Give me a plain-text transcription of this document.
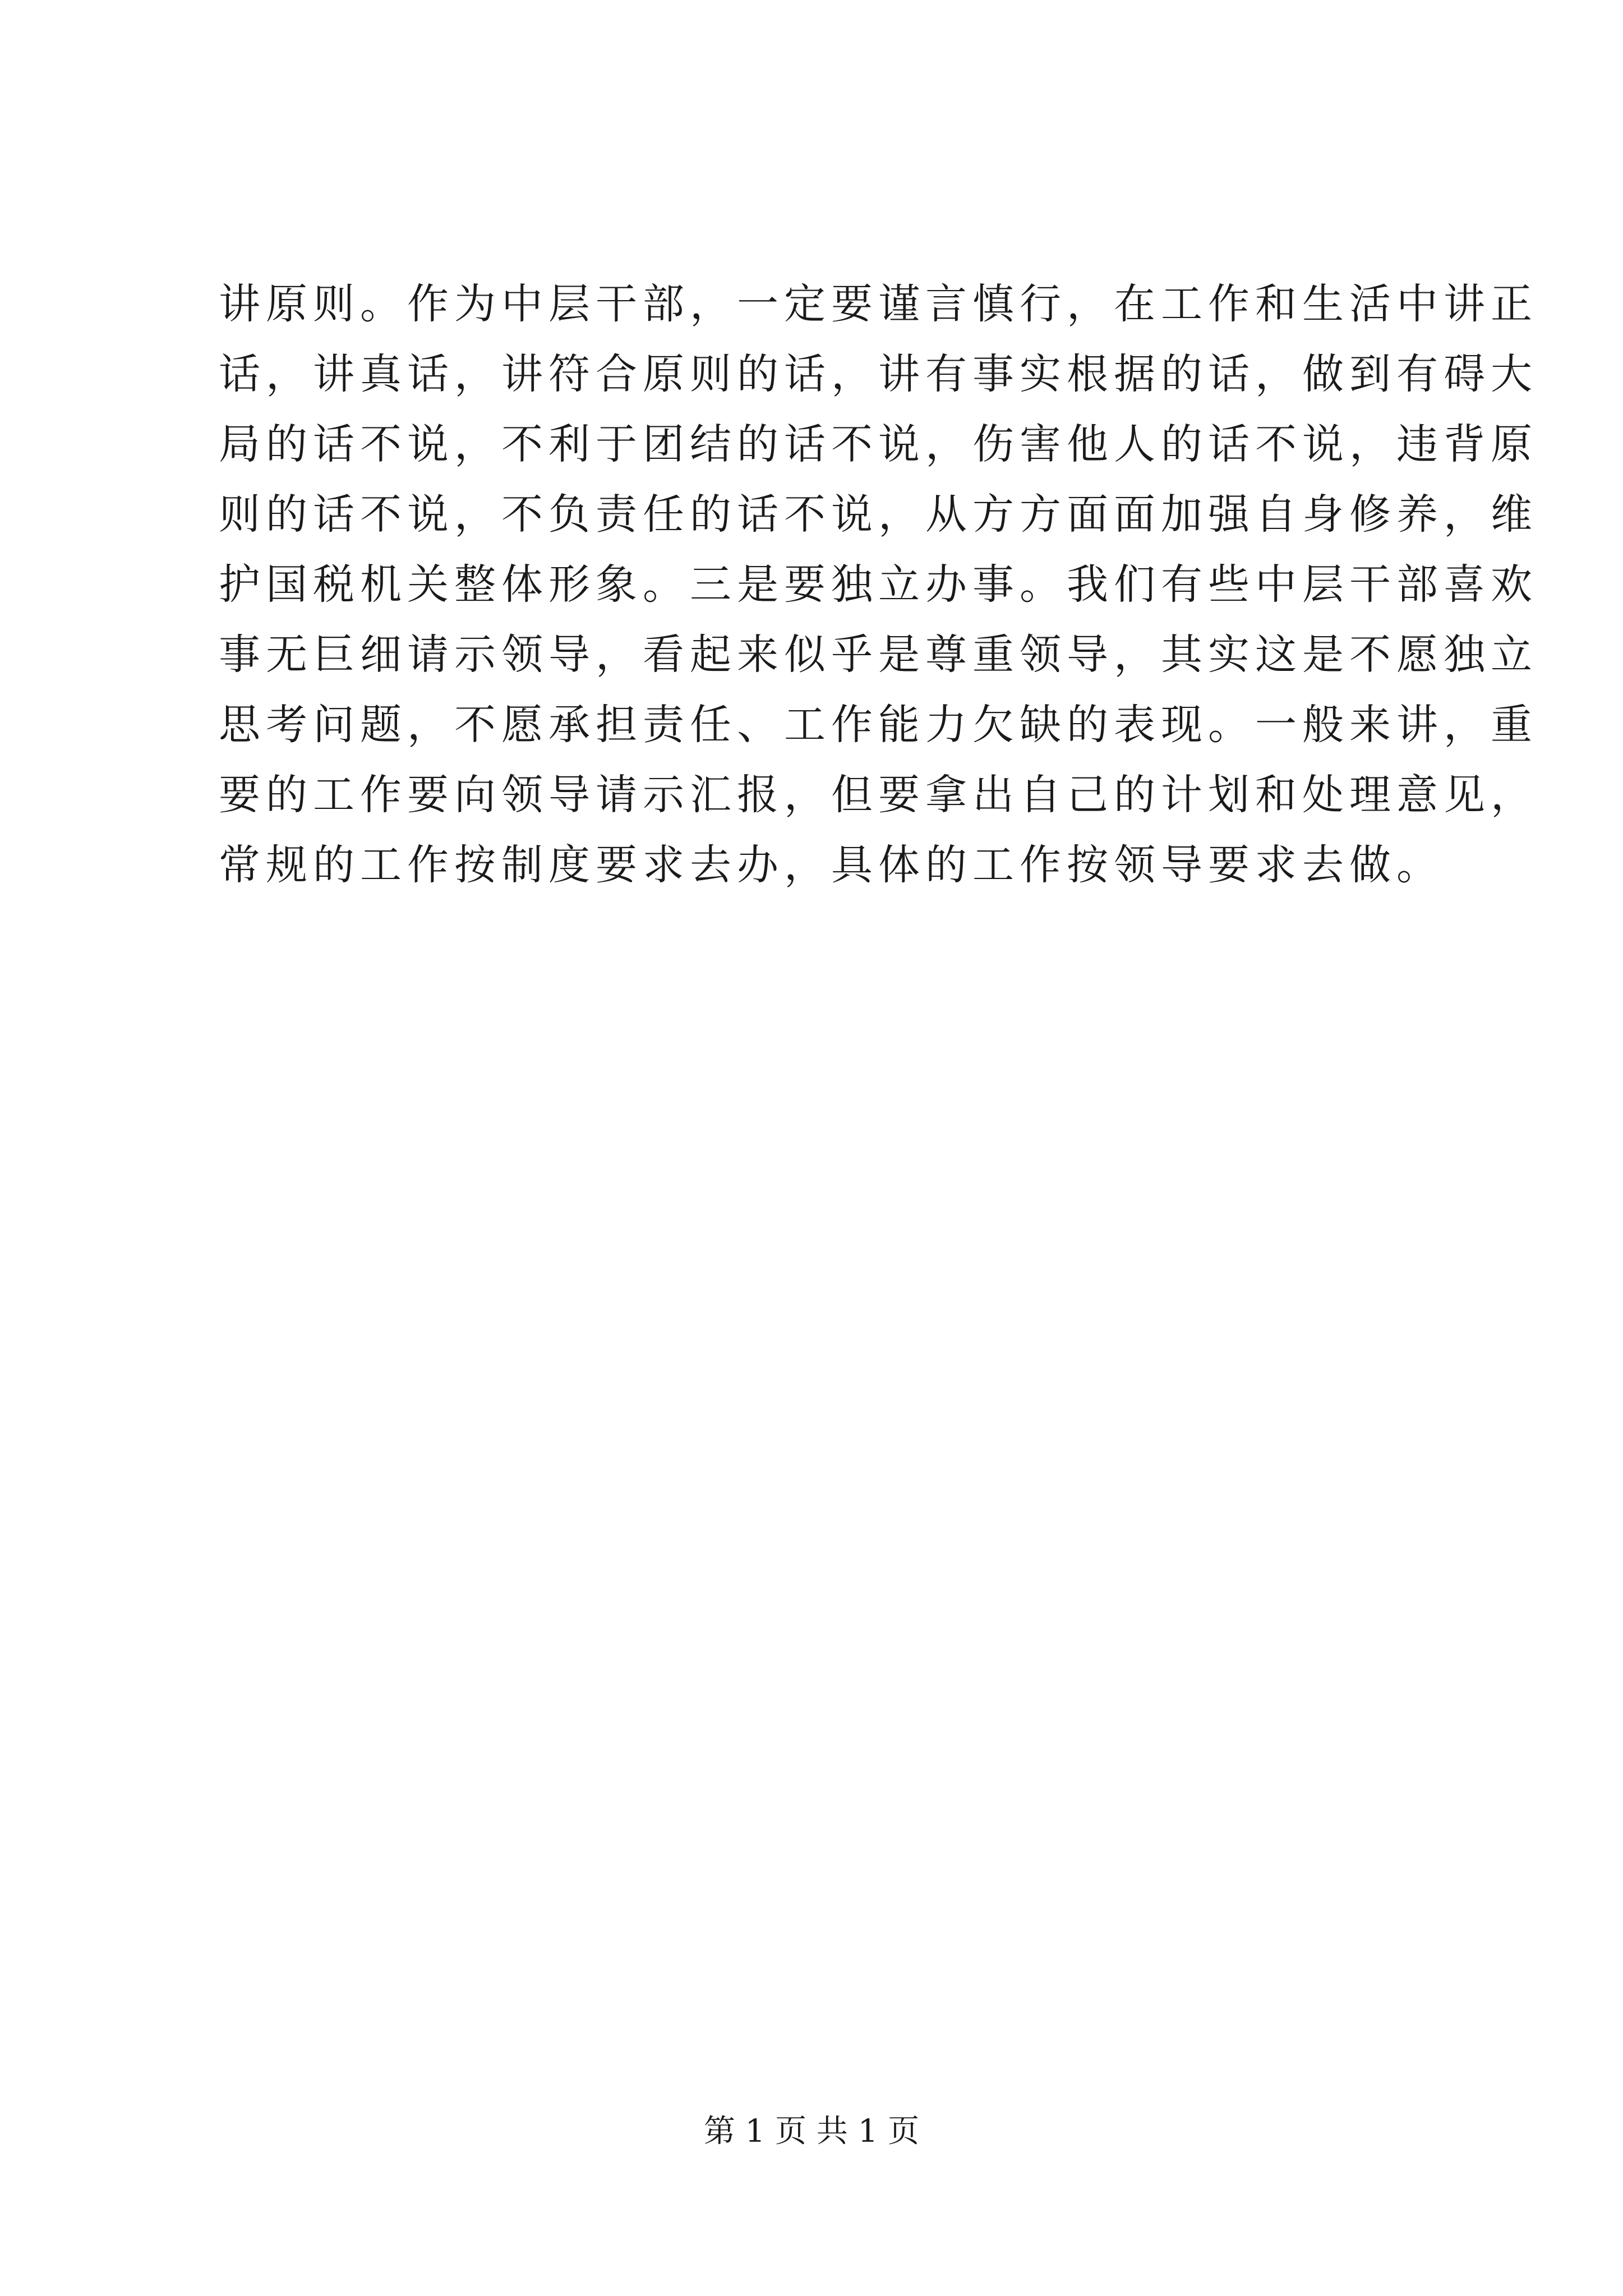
讲原则。作为中层干部，一定要谨言慎行，在工作和生活中讲正
话，讲真话，讲符合原则的话，讲有事实根据的话，做到有碍大
局的话不说，不利于团结的话不说，伤害他人的话不说，违背原
则的话不说，不负责任的话不说，从方方面面加强自身修养，维
护国税机关整体形象。三是要独立办事。我们有些中层干部喜欢
事无巨细请示领导，看起来似乎是尊重领导，其实这是不愿独立
思考问题，不愿承担责任、工作能力欠缺的表现。一般来讲，重
要的工作要向领导请示汇报，但要拿出自己的计划和处理意见，
常规的工作按制度要求去办，具体的工作按领导要求去做。
第 1 页 共 1 页
